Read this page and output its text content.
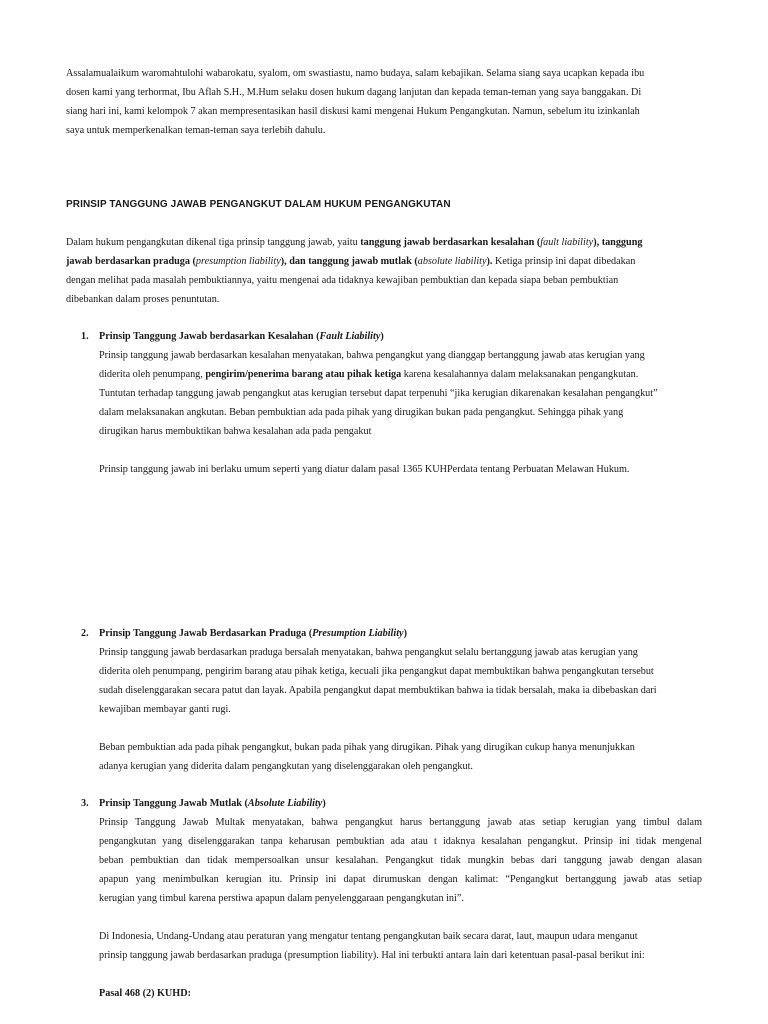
Assalamualaikum waromahtulohi wabarokatu, syalom, om swastiastu, namo budaya, salam kebajikan. Selama siang saya ucapkan kepada ibu
dosen kami yang terhormat, Ibu Aflah S.H., M.Hum selaku dosen hukum dagang lanjutan dan kepada teman-teman yang saya banggakan. Di
siang hari ini, kami kelompok 7 akan mempresentasikan hasil diskusi kami mengenai Hukum Pengangkutan. Namun, sebelum itu izinkanlah
saya untuk memperkenalkan teman-teman saya terlebih dahulu.
PRINSIP TANGGUNG JAWAB PENGANGKUT DALAM HUKUM PENGANGKUTAN
Dalam hukum pengangkutan dikenal tiga prinsip tanggung jawab, yaitu tanggung jawab berdasarkan kesalahan (fault liability), tanggung
jawab berdasarkan praduga (presumption liability), dan tanggung jawab mutlak (absolute liability). Ketiga prinsip ini dapat dibedakan
dengan melihat pada masalah pembuktiannya, yaitu mengenai ada tidaknya kewajiban pembuktian dan kepada siapa beban pembuktian
dibebankan dalam proses penuntutan.
1. Prinsip Tanggung Jawab berdasarkan Kesalahan (Fault Liability)
Prinsip tanggung jawab berdasarkan kesalahan menyatakan, bahwa pengangkut yang dianggap bertanggung jawab atas kerugian yang
diderita oleh penumpang, pengirim/penerima barang atau pihak ketiga karena kesalahannya dalam melaksanakan pengangkutan.
Tuntutan terhadap tanggung jawab pengangkut atas kerugian tersebut dapat terpenuhi “jika kerugian dikarenakan kesalahan pengangkut”
dalam melaksanakan angkutan. Beban pembuktian ada pada pihak yang dirugikan bukan pada pengangkut. Sehingga pihak yang
dirugikan harus membuktikan bahwa kesalahan ada pada pengakut
Prinsip tanggung jawab ini berlaku umum seperti yang diatur dalam pasal 1365 KUHPerdata tentang Perbuatan Melawan Hukum.
2. Prinsip Tanggung Jawab Berdasarkan Praduga (Presumption Liability)
Prinsip tanggung jawab berdasarkan praduga bersalah menyatakan, bahwa pengangkut selalu bertanggung jawab atas kerugian yang
diderita oleh penumpang, pengirim barang atau pihak ketiga, kecuali jika pengangkut dapat membuktikan bahwa pengangkutan tersebut
sudah diselenggarakan secara patut dan layak. Apabila pengangkut dapat membuktikan bahwa ia tidak bersalah, maka ia dibebaskan dari
kewajiban membayar ganti rugi.
Beban pembuktian ada pada pihak pengangkut, bukan pada pihak yang dirugikan. Pihak yang dirugikan cukup hanya menunjukkan
adanya kerugian yang diderita dalam pengangkutan yang diselenggarakan oleh pengangkut.
3. Prinsip Tanggung Jawab Mutlak (Absolute Liability)
Prinsip Tanggung Jawab Multak menyatakan, bahwa pengangkut harus bertanggung jawab atas setiap kerugian yang timbul dalam
pengangkutan yang diselenggarakan tanpa keharusan pembuktian ada atau t idaknya kesalahan pengangkut. Prinsip ini tidak mengenal
beban pembuktian dan tidak mempersoalkan unsur kesalahan. Pengangkut tidak mungkin bebas dari tanggung jawab dengan alasan
apapun yang menimbulkan kerugian itu. Prinsip ini dapat dirumuskan dengan kalimat: “Pengangkut bertanggung jawab atas setiap
kerugian yang timbul karena perstiwa apapun dalam penyelenggaraan pengangkutan ini”.
Di Indonesia, Undang-Undang atau peraturan yang mengatur tentang pengangkutan baik secara darat, laut, maupun udara menganut
prinsip tanggung jawab berdasarkan praduga (presumption liability). Hal ini terbukti antara lain dari ketentuan pasal-pasal berikut ini:
Pasal 468 (2) KUHD:
